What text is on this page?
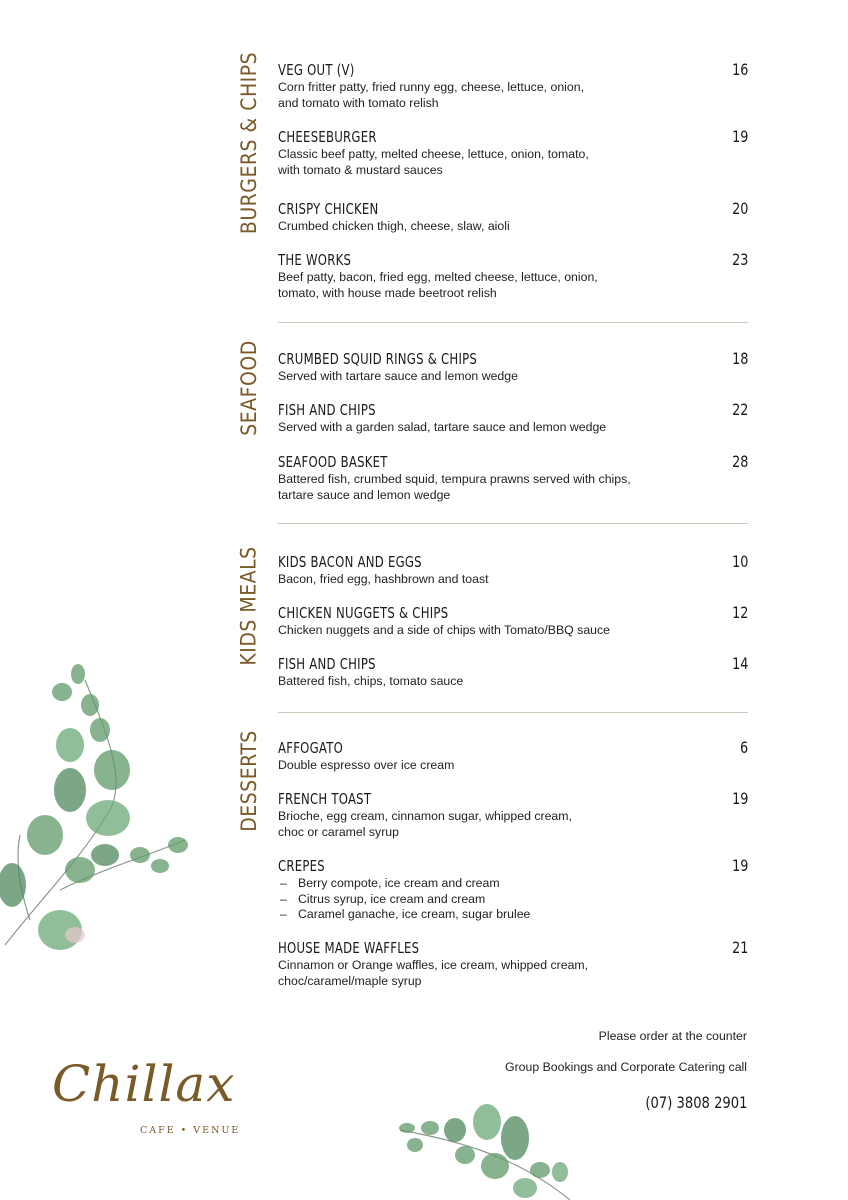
BURGERS & CHIPS VEG OUT (V)	16
Corn fritter patty, fried runny egg, cheese, lettuce, onion,
and tomato with tomato relish
CHEESEBURGER	19
Classic beef patty, melted cheese, lettuce, onion, tomato,
with tomato & mustard sauces
CRISPY CHICKEN	20
Crumbed chicken thigh, cheese, slaw, aioli
THE WORKS	23
Beef patty, bacon, fried egg, melted cheese, lettuce, onion,
tomato, with house made beetroot relish
SEAFOOD CRUMBED SQUID RINGS & CHIPS	18
Served with tartare sauce and lemon wedge
FISH AND CHIPS	22
Served with a garden salad, tartare sauce and lemon wedge
SEAFOOD BASKET	28
Battered fish, crumbed squid, tempura prawns served with chips,
tartare sauce and lemon wedge
KIDS MEALS KIDS BACON AND EGGS	10
Bacon, fried egg, hashbrown and toast
CHICKEN NUGGETS & CHIPS	12
Chicken nuggets and a side of chips with Tomato/BBQ sauce
FISH AND CHIPS	14
Battered fish, chips, tomato sauce
DESSERTS AFFOGATO	6
Double espresso over ice cream
FRENCH TOAST	19
Brioche, egg cream, cinnamon sugar, whipped cream,
choc or caramel syrup
CREPES	19
– Berry compote, ice cream and cream
– Citrus syrup, ice cream and cream
– Caramel ganache, ice cream, sugar brulee
HOUSE MADE WAFFLES	21
Cinnamon or Orange waffles, ice cream, whipped cream,
choc/caramel/maple syrup
Please order at the counter
Group Bookings and Corporate Catering call
(07) 3808 2901
Chillax
CAFE • VENUE
